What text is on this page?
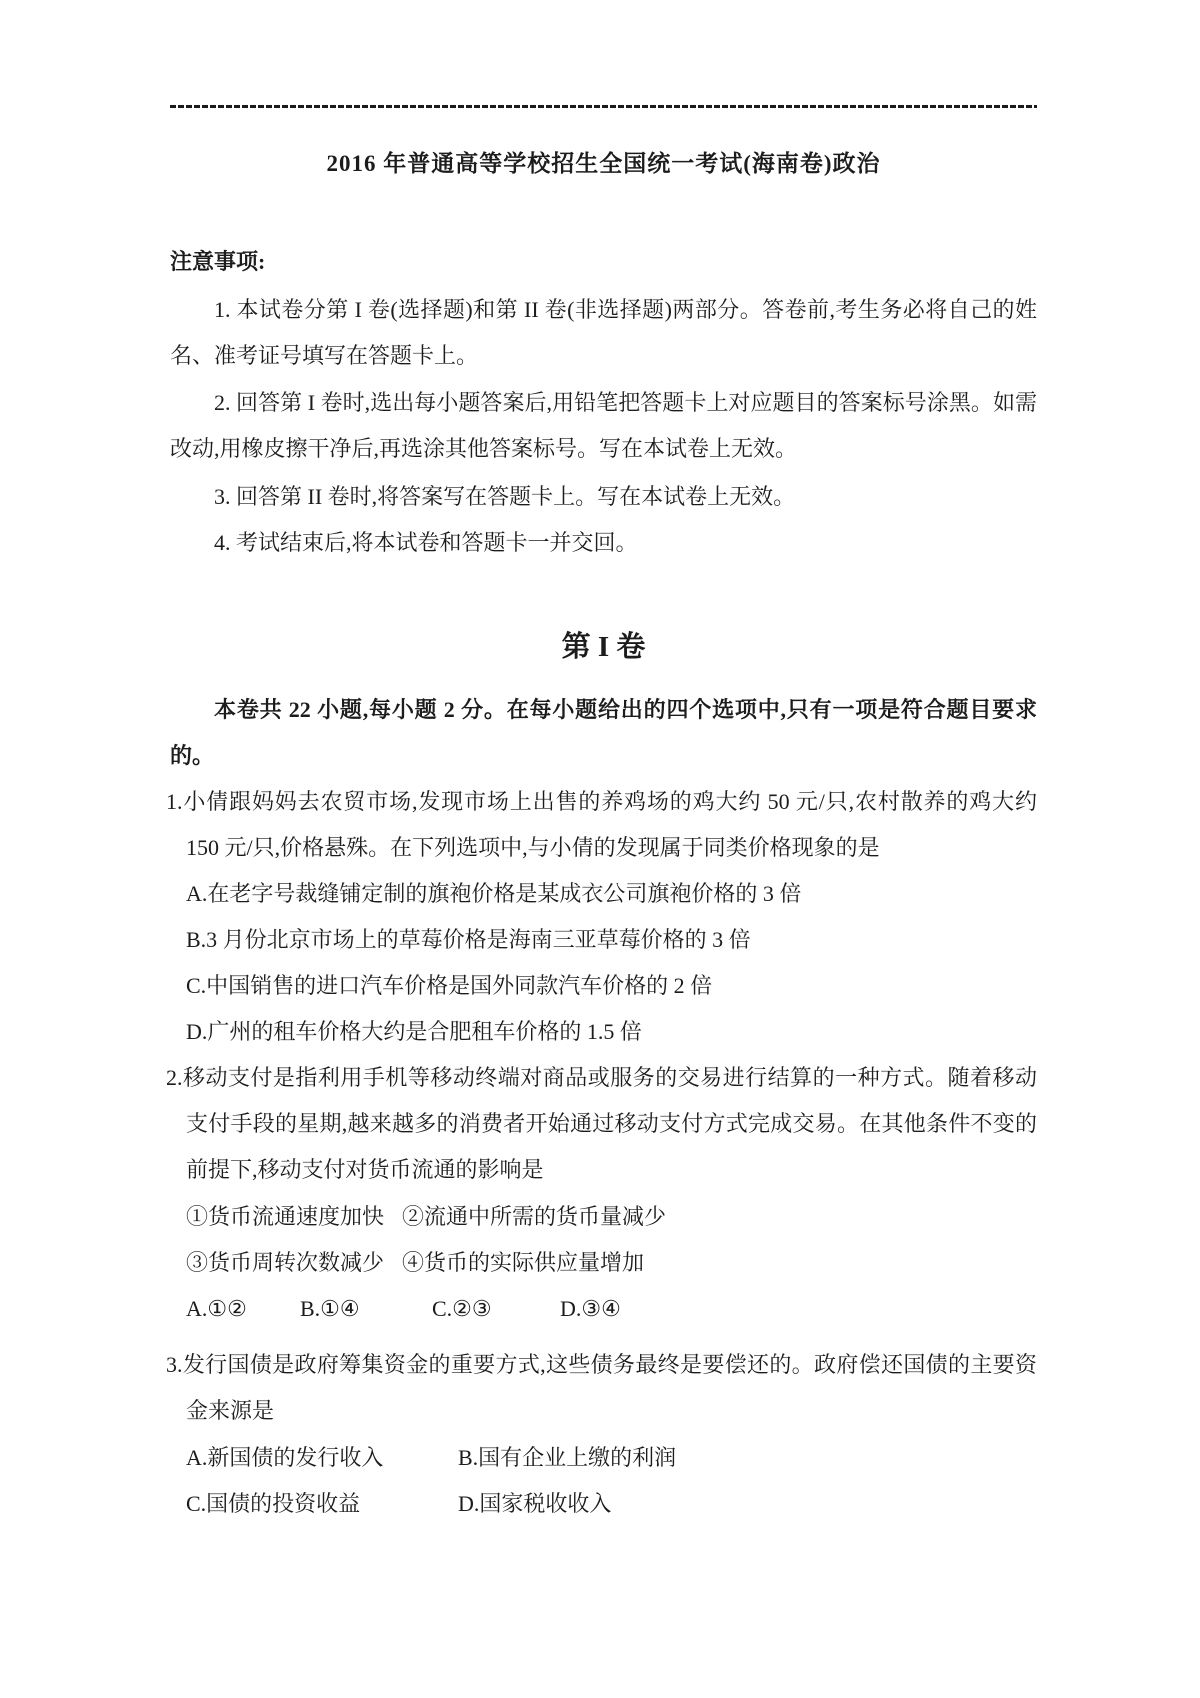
2016 年普通高等学校招生全国统一考试(海南卷)政治
注意事项:

1. 本试卷分第 I 卷(选择题)和第 II 卷(非选择题)两部分。答卷前,考生务必将自己的姓名、准考证号填写在答题卡上。

2. 回答第 I 卷时,选出每小题答案后,用铅笔把答题卡上对应题目的答案标号涂黑。如需改动,用橡皮擦干净后,再选涂其他答案标号。写在本试卷上无效。

3. 回答第 II 卷时,将答案写在答题卡上。写在本试卷上无效。

4. 考试结束后,将本试卷和答题卡一并交回。

第 I 卷

本卷共 22 小题,每小题 2 分。在每小题给出的四个选项中,只有一项是符合题目要求的。

1.小倩跟妈妈去农贸市场,发现市场上出售的养鸡场的鸡大约 50 元/只,农村散养的鸡大约 150 元/只,价格悬殊。在下列选项中,与小倩的发现属于同类价格现象的是

A.在老字号裁缝铺定制的旗袍价格是某成衣公司旗袍价格的 3 倍

B.3 月份北京市场上的草莓价格是海南三亚草莓价格的 3 倍

C.中国销售的进口汽车价格是国外同款汽车价格的 2 倍

D.广州的租车价格大约是合肥租车价格的 1.5 倍

2.移动支付是指利用手机等移动终端对商品或服务的交易进行结算的一种方式。随着移动支付手段的星期,越来越多的消费者开始通过移动支付方式完成交易。在其他条件不变的前提下,移动支付对货币流通的影响是

①货币流通速度加快 ②流通中所需的货币量减少

③货币周转次数减少 ④货币的实际供应量增加

A.①② B.①④	C.②③	D.③④

3.发行国债是政府筹集资金的重要方式,这些债务最终是要偿还的。政府偿还国债的主要资金来源是

A.新国债的发行收入	B.国有企业上缴的利润

C.国债的投资收益	D.国家税收收入
